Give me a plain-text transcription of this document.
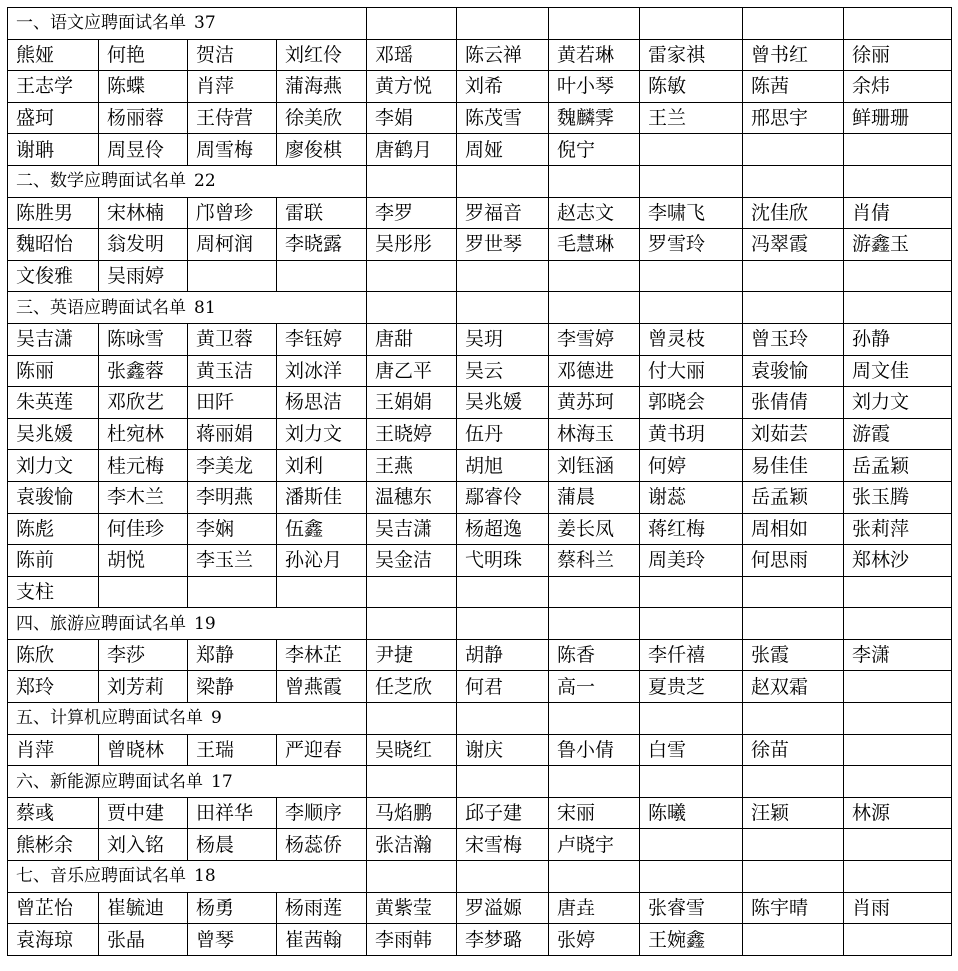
一、语文应聘面试名单 37									
熊娅	何艳	贺洁	刘红伶	邓瑶	陈云禅	黄若琳	雷家祺	曾书红	徐丽
王志学	陈蝶	肖萍	蒲海燕	黄方悦	刘希	叶小琴	陈敏	陈茜	余炜
盛珂	杨丽蓉	王侍营	徐美欣	李娟	陈茂雪	魏麟霁	王兰	邢思宇	鲜珊珊
谢聃	周昱伶	周雪梅	廖俊棋	唐鹤月	周娅	倪宁			
二、数学应聘面试名单 22									
陈胜男	宋林楠	邝曾珍	雷联	李罗	罗福音	赵志文	李啸飞	沈佳欣	肖倩
魏昭怡	翁发明	周柯润	李晓露	吴彤彤	罗世琴	毛慧琳	罗雪玲	冯翠霞	游鑫玉
文俊雅	吴雨婷								
三、英语应聘面试名单 81									
吴吉潇	陈咏雪	黄卫蓉	李钰婷	唐甜	吴玥	李雪婷	曾灵枝	曾玉玲	孙静
陈丽	张鑫蓉	黄玉洁	刘冰洋	唐乙平	吴云	邓德进	付大丽	袁骏愉	周文佳
朱英莲	邓欣艺	田阡	杨思洁	王娟娟	吴兆媛	黄苏珂	郭晓会	张倩倩	刘力文
吴兆媛	杜宛林	蒋丽娟	刘力文	王晓婷	伍丹	林海玉	黄书玥	刘茹芸	游霞
刘力文	桂元梅	李美龙	刘利	王燕	胡旭	刘钰涵	何婷	易佳佳	岳孟颖
袁骏愉	李木兰	李明燕	潘斯佳	温穗东	鄢睿伶	蒲晨	谢蕊	岳孟颖	张玉腾
陈彪	何佳珍	李娴	伍鑫	吴吉潇	杨超逸	姜长凤	蒋红梅	周相如	张莉萍
陈前	胡悦	李玉兰	孙沁月	吴金洁	弋明珠	蔡科兰	周美玲	何思雨	郑林沙
支柱									
四、旅游应聘面试名单 19									
陈欣	李莎	郑静	李林芷	尹捷	胡静	陈香	李仟禧	张霞	李潇
郑玲	刘芳莉	梁静	曾燕霞	任芝欣	何君	高一	夏贵芝	赵双霜	
五、计算机应聘面试名单 9									
肖萍	曾晓林	王瑞	严迎春	吴晓红	谢庆	鲁小倩	白雪	徐苗	
六、新能源应聘面试名单 17									
蔡彧	贾中建	田祥华	李顺序	马焰鹏	邱子建	宋丽	陈曦	汪颖	林源
熊彬余	刘入铭	杨晨	杨蕊侨	张洁瀚	宋雪梅	卢晓宇			
七、音乐应聘面试名单 18									
曾芷怡	崔毓迪	杨勇	杨雨莲	黄紫莹	罗溢嫄	唐垚	张睿雪	陈宇晴	肖雨
袁海琼	张晶	曾琴	崔茜翰	李雨韩	李梦璐	张婷	王婉鑫		
